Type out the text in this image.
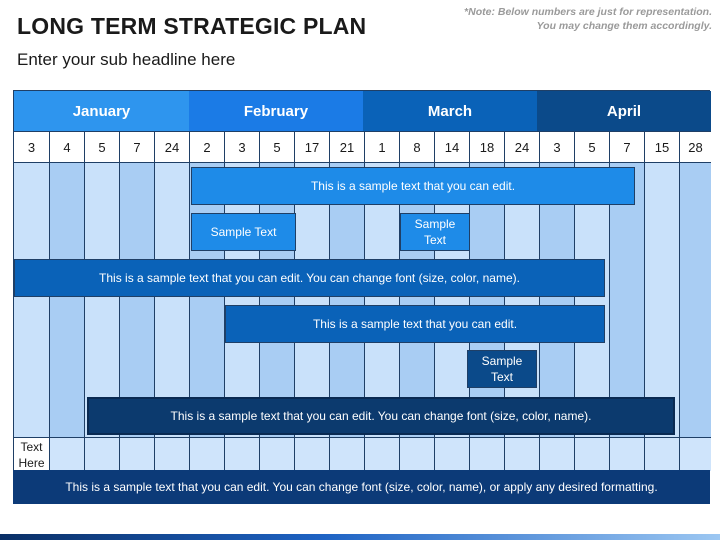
LONG TERM STRATEGIC PLAN
Enter your sub headline here
*Note: Below numbers are just for representation.
You may change them accordingly.
January	February	March	April
3	4	5	7	24	2	3	5	17	21	1	8	14	18	24	3	5	7	15	28
Text Here
This is a sample text that you can edit.
Sample Text
Sample Text
This is a sample text that you can edit. You can change font (size, color, name).
This is a sample text that you can edit.
Sample Text
This is a sample text that you can edit. You can change font (size, color, name).
This is a sample text that you can edit. You can change font (size, color, name), or apply any desired formatting.
